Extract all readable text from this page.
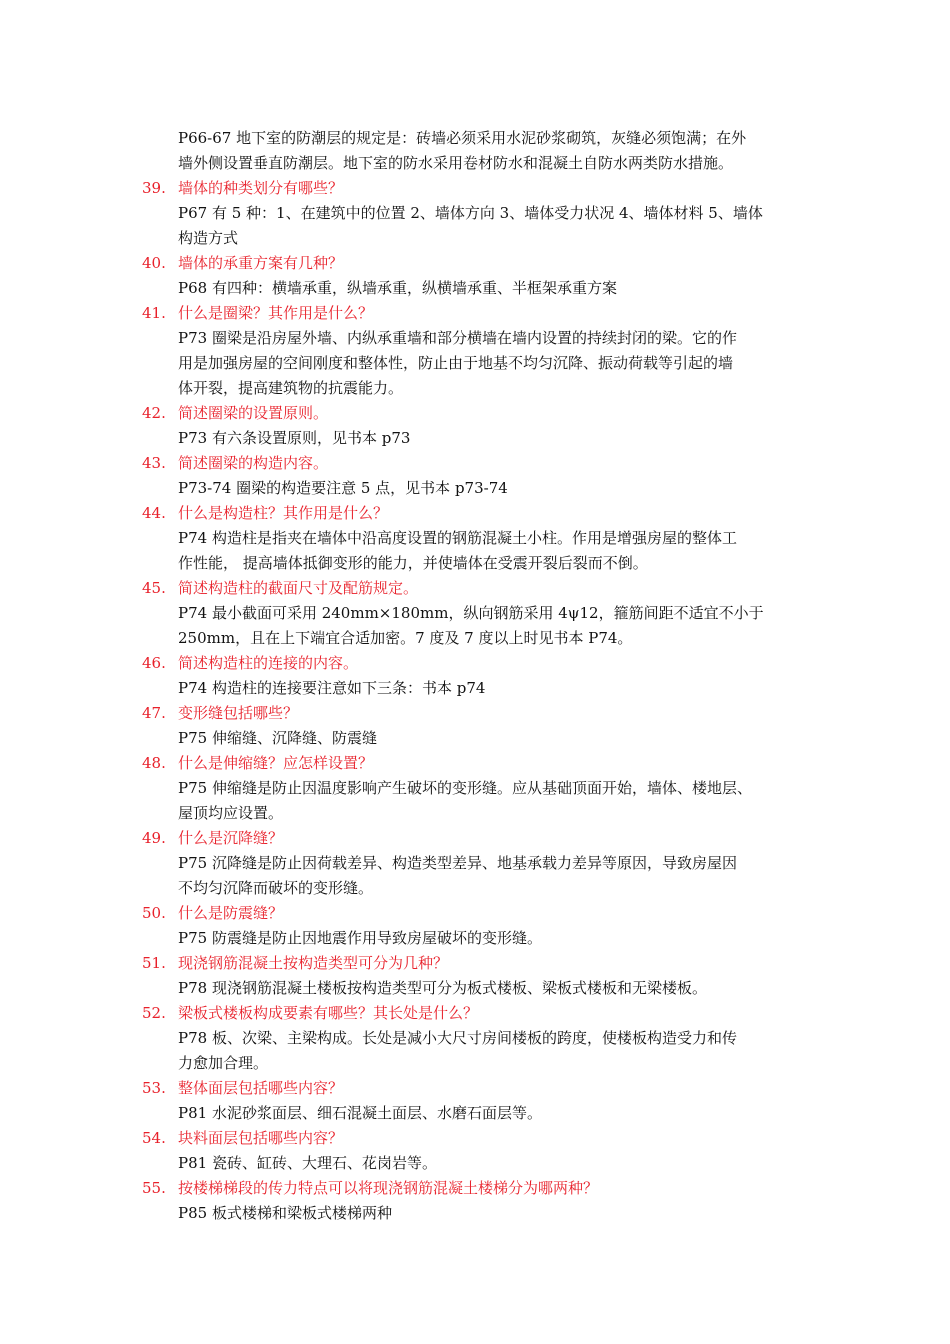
P66-67 地下室的防潮层的规定是：砖墙必须采用水泥砂浆砌筑，灰缝必须饱满；在外
墙外侧设置垂直防潮层。地下室的防水采用卷材防水和混凝土自防水两类防水措施。
39. 墙体的种类划分有哪些？
P67 有 5 种：1、在建筑中的位置 2、墙体方向 3、墙体受力状况 4、墙体材料 5、墙体
构造方式
40. 墙体的承重方案有几种？
P68 有四种：横墙承重，纵墙承重，纵横墙承重、半框架承重方案
41. 什么是圈梁？其作用是什么？
P73 圈梁是沿房屋外墙、内纵承重墙和部分横墙在墙内设置的持续封闭的梁。它的作
用是加强房屋的空间刚度和整体性，防止由于地基不均匀沉降、振动荷载等引起的墙
体开裂，提高建筑物的抗震能力。
42. 简述圈梁的设置原则。
P73 有六条设置原则，见书本 p73
43. 简述圈梁的构造内容。
P73-74 圈梁的构造要注意 5 点，见书本 p73-74
44. 什么是构造柱？其作用是什么？
P74 构造柱是指夹在墙体中沿高度设置的钢筋混凝土小柱。作用是增强房屋的整体工
作性能， 提高墙体抵御变形的能力，并使墙体在受震开裂后裂而不倒。
45. 简述构造柱的截面尺寸及配筋规定。
P74 最小截面可采用 240mm×180mm，纵向钢筋采用 4ψ12，箍筋间距不适宜不小于
250mm，且在上下端宜合适加密。7 度及 7 度以上时见书本 P74。
46. 简述构造柱的连接的内容。
P74 构造柱的连接要注意如下三条：书本 p74
47. 变形缝包括哪些？
P75 伸缩缝、沉降缝、防震缝
48. 什么是伸缩缝？应怎样设置？
P75 伸缩缝是防止因温度影响产生破坏的变形缝。应从基础顶面开始，墙体、楼地层、
屋顶均应设置。
49. 什么是沉降缝？
P75 沉降缝是防止因荷载差异、构造类型差异、地基承载力差异等原因，导致房屋因
不均匀沉降而破坏的变形缝。
50. 什么是防震缝？
P75 防震缝是防止因地震作用导致房屋破坏的变形缝。
51. 现浇钢筋混凝土按构造类型可分为几种？
P78 现浇钢筋混凝土楼板按构造类型可分为板式楼板、梁板式楼板和无梁楼板。
52. 梁板式楼板构成要素有哪些？其长处是什么？
P78 板、次梁、主梁构成。长处是减小大尺寸房间楼板的跨度，使楼板构造受力和传
力愈加合理。
53. 整体面层包括哪些内容？
P81 水泥砂浆面层、细石混凝土面层、水磨石面层等。
54. 块料面层包括哪些内容？
P81 瓷砖、缸砖、大理石、花岗岩等。
55. 按楼梯梯段的传力特点可以将现浇钢筋混凝土楼梯分为哪两种？
P85 板式楼梯和梁板式楼梯两种
